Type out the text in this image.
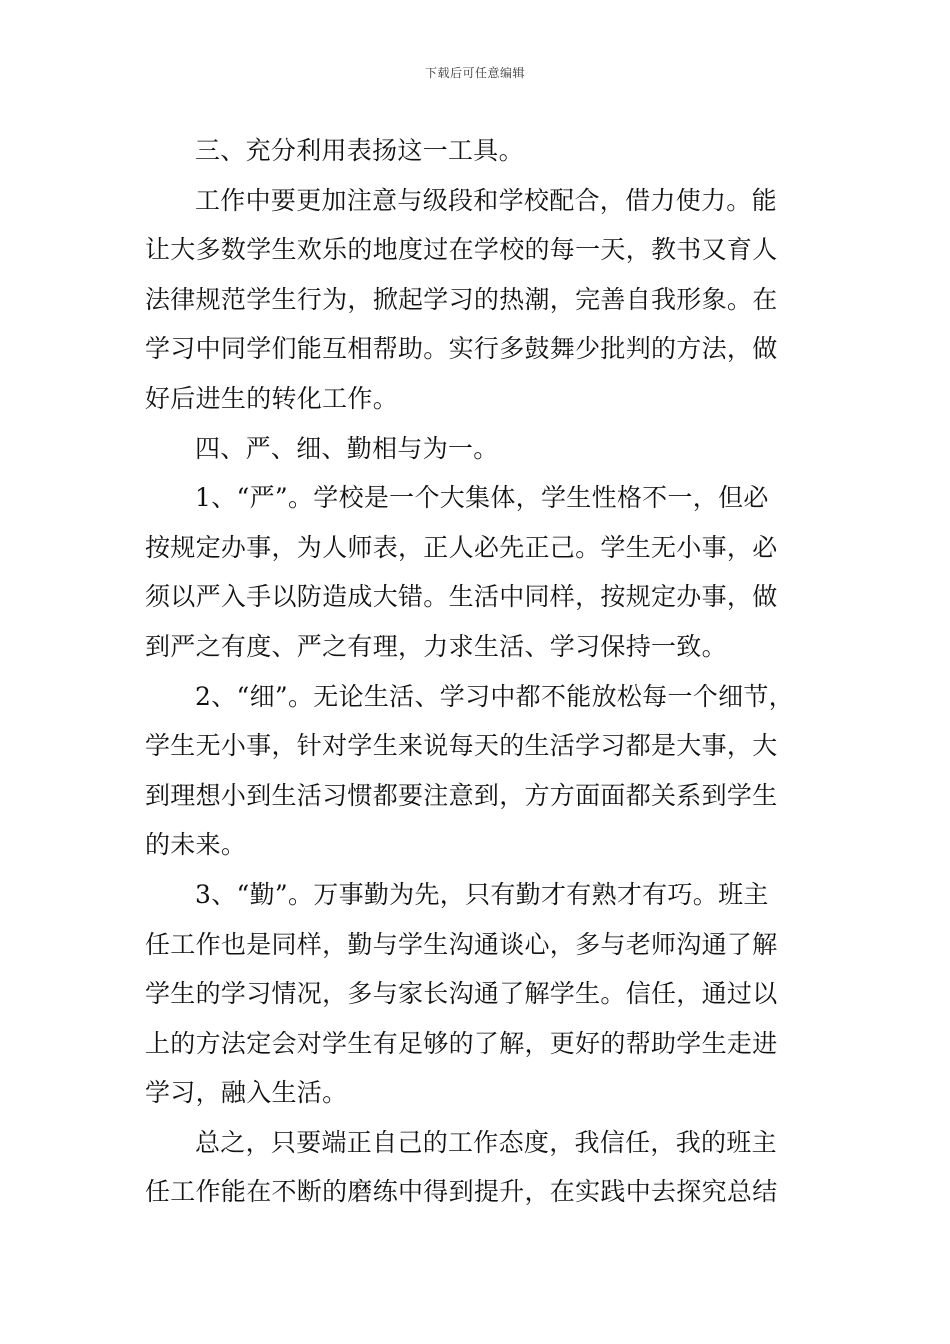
下载后可任意编辑
三、充分利用表扬这一工具。
工作中要更加注意与级段和学校配合，借力使力。能
让大多数学生欢乐的地度过在学校的每一天，教书又育人
法律规范学生行为，掀起学习的热潮，完善自我形象。在
学习中同学们能互相帮助。实行多鼓舞少批判的方法，做
好后进生的转化工作。
四、严、细、勤相与为一。
1、“严”。学校是一个大集体，学生性格不一，但必
按规定办事，为人师表，正人必先正己。学生无小事，必
须以严入手以防造成大错。生活中同样，按规定办事，做
到严之有度、严之有理，力求生活、学习保持一致。
2、“细”。无论生活、学习中都不能放松每一个细节，
学生无小事，针对学生来说每天的生活学习都是大事，大
到理想小到生活习惯都要注意到，方方面面都关系到学生
的未来。
3、“勤”。万事勤为先，只有勤才有熟才有巧。班主
任工作也是同样，勤与学生沟通谈心，多与老师沟通了解
学生的学习情况，多与家长沟通了解学生。信任，通过以
上的方法定会对学生有足够的了解，更好的帮助学生走进
学习，融入生活。
总之，只要端正自己的工作态度，我信任，我的班主
任工作能在不断的磨练中得到提升，在实践中去探究总结
